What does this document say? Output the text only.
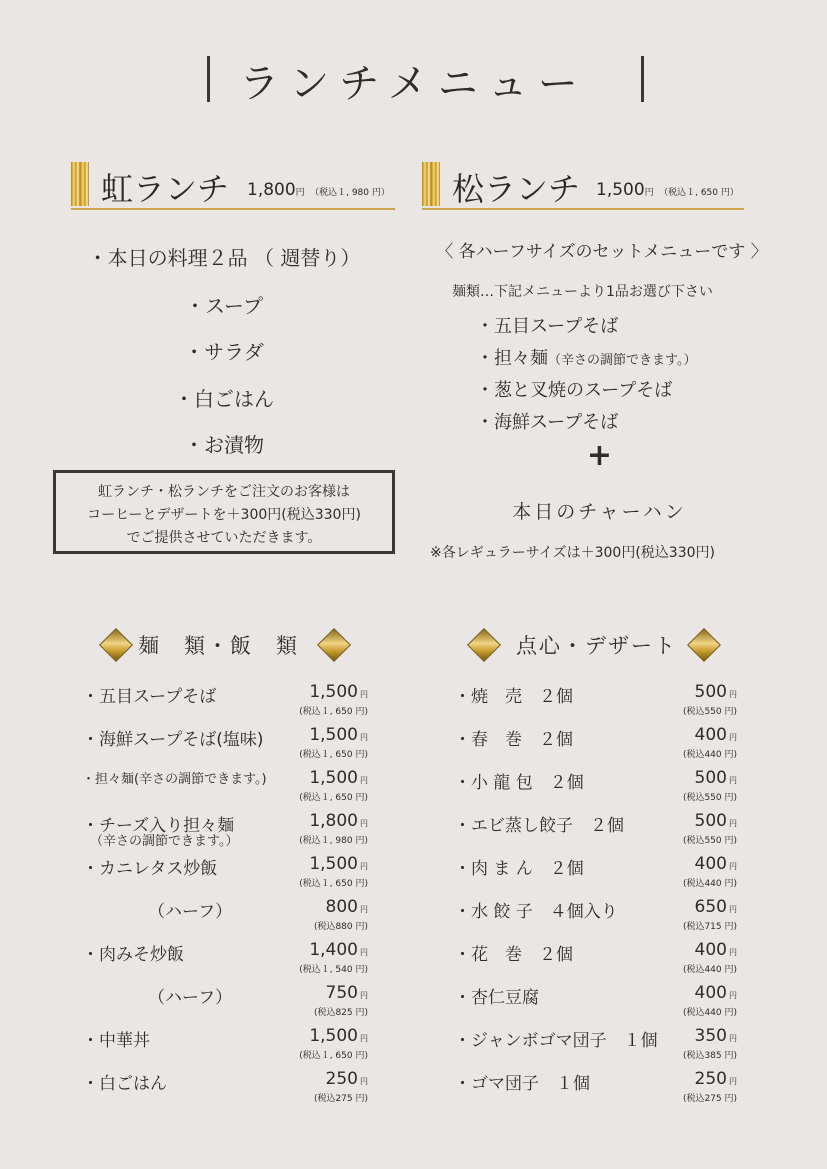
ランチメニュー
虹ランチ 1,800円 （税込１, 980 円） 松ランチ 1,500円 （税込１, 650 円）
・本日の料理２品 （ 週替り）
・スープ
・サラダ
・白ごはん
・お漬物
虹ランチ・松ランチをご注文のお客様は
コーヒーとデザートを＋300円(税込330円)
でご提供させていただきます。
〈 各ハーフサイズのセットメニューです 〉
麺類…下記メニューより1品お選び下さい
・五目スープそば
・担々麺（辛さの調節できます。）
・葱と叉焼のスープそば
・海鮮スープそば
+
本日のチャーハン
※各レギュラーサイズは＋300円(税込330円)
麺　類・飯　類	点心・デザート
・五目スープそば	1,500 円
(税込１, 650 円)
・海鮮スープそば(塩味)	1,500 円
(税込１, 650 円)
・担々麺(辛さの調節できます。)	1,500 円
(税込１, 650 円)
・チーズ入り担々麺
（辛さの調節できます。）
1,800 円
(税込１, 980 円)
・カニレタス炒飯	1,500 円
(税込１, 650 円)
（ハーフ）	800 円
(税込880 円)
・肉みそ炒飯	1,400 円
(税込１, 540 円)
（ハーフ）	750 円
(税込825 円)
・中華丼	1,500 円
(税込１, 650 円)
・白ごはん	250 円
(税込275 円)
・焼　売　２個	500 円
(税込550 円)
・春　巻　２個	400 円
(税込440 円)
・小 龍 包　２個	500 円
(税込550 円)
・エビ蒸し餃子　２個	500 円
(税込550 円)
・肉 ま ん　２個	400 円
(税込440 円)
・水 餃 子　４個入り	650 円
(税込715 円)
・花　巻　２個	400 円
(税込440 円)
・杏仁豆腐	400 円
(税込440 円)
・ジャンボゴマ団子　１個 350 円
(税込385 円)
・ゴマ団子　１個	250 円
(税込275 円)
